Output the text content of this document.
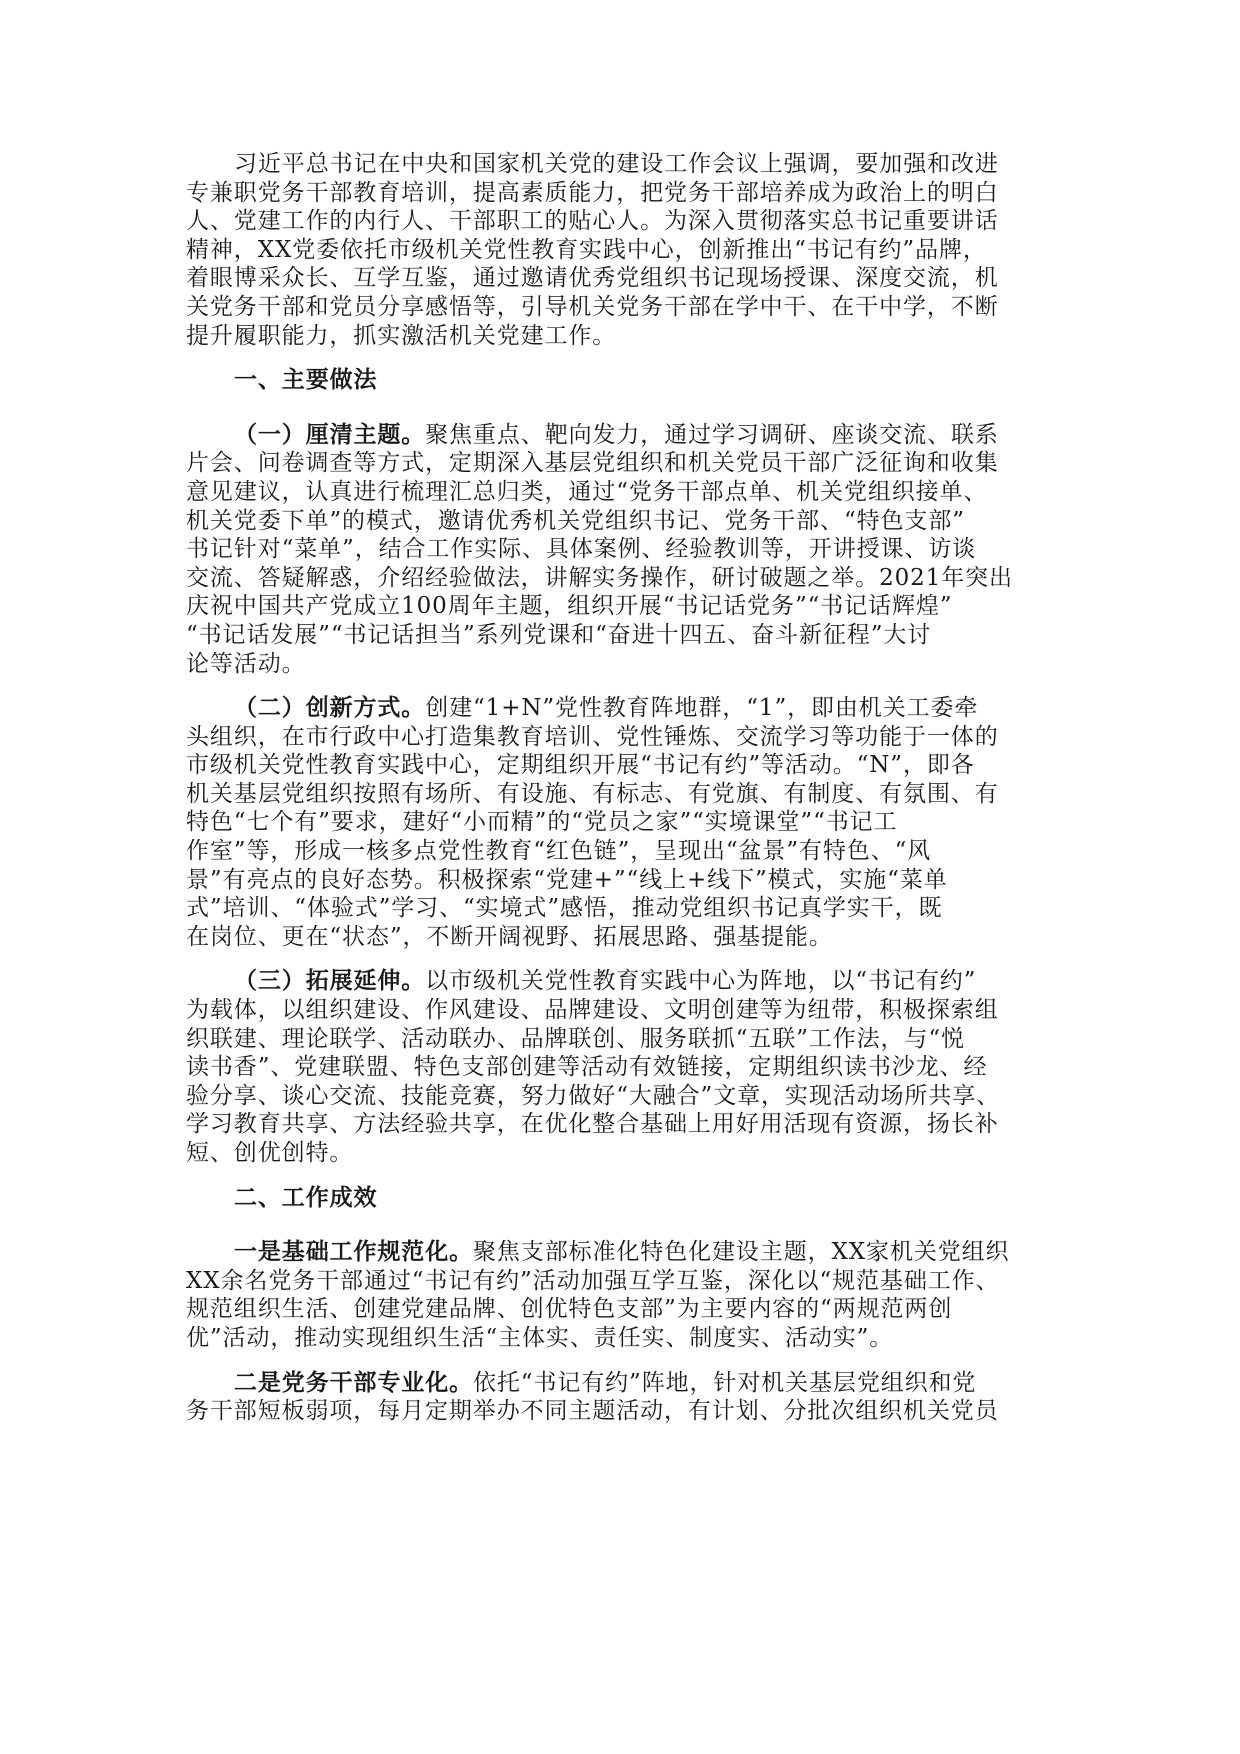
习近平总书记在中央和国家机关党的建设工作会议上强调，要加强和改进
专兼职党务干部教育培训，提高素质能力，把党务干部培养成为政治上的明白
人、党建工作的内行人、干部职工的贴心人。为深入贯彻落实总书记重要讲话
精神，XX党委依托市级机关党性教育实践中心，创新推出“书记有约”品牌，
着眼博采众长、互学互鉴，通过邀请优秀党组织书记现场授课、深度交流，机
关党务干部和党员分享感悟等，引导机关党务干部在学中干、在干中学，不断
提升履职能力，抓实激活机关党建工作。
一、主要做法
（一）厘清主题。聚焦重点、靶向发力，通过学习调研、座谈交流、联系
片会、问卷调查等方式，定期深入基层党组织和机关党员干部广泛征询和收集
意见建议，认真进行梳理汇总归类，通过“党务干部点单、机关党组织接单、
机关党委下单”的模式，邀请优秀机关党组织书记、党务干部、“特色支部”
书记针对“菜单”，结合工作实际、具体案例、经验教训等，开讲授课、访谈
交流、答疑解惑，介绍经验做法，讲解实务操作，研讨破题之举。2021年突出
庆祝中国共产党成立100周年主题，组织开展“书记话党务”“书记话辉煌”
“书记话发展”“书记话担当”系列党课和“奋进十四五、奋斗新征程”大讨
论等活动。
（二）创新方式。创建“1+N”党性教育阵地群，“1”，即由机关工委牵
头组织，在市行政中心打造集教育培训、党性锤炼、交流学习等功能于一体的
市级机关党性教育实践中心，定期组织开展“书记有约”等活动。“N”，即各
机关基层党组织按照有场所、有设施、有标志、有党旗、有制度、有氛围、有
特色“七个有”要求，建好“小而精”的“党员之家”“实境课堂”“书记工
作室”等，形成一核多点党性教育“红色链”，呈现出“盆景”有特色、“风
景”有亮点的良好态势。积极探索“党建+”“线上+线下”模式，实施“菜单
式”培训、“体验式”学习、“实境式”感悟，推动党组织书记真学实干，既
在岗位、更在“状态”，不断开阔视野、拓展思路、强基提能。
（三）拓展延伸。以市级机关党性教育实践中心为阵地，以“书记有约”
为载体，以组织建设、作风建设、品牌建设、文明创建等为纽带，积极探索组
织联建、理论联学、活动联办、品牌联创、服务联抓“五联”工作法，与“悦
读书香”、党建联盟、特色支部创建等活动有效链接，定期组织读书沙龙、经
验分享、谈心交流、技能竞赛，努力做好“大融合”文章，实现活动场所共享、
学习教育共享、方法经验共享，在优化整合基础上用好用活现有资源，扬长补
短、创优创特。
二、工作成效
一是基础工作规范化。聚焦支部标准化特色化建设主题，XX家机关党组织
XX余名党务干部通过“书记有约”活动加强互学互鉴，深化以“规范基础工作、
规范组织生活、创建党建品牌、创优特色支部”为主要内容的“两规范两创
优”活动，推动实现组织生活“主体实、责任实、制度实、活动实”。
二是党务干部专业化。依托“书记有约”阵地，针对机关基层党组织和党
务干部短板弱项，每月定期举办不同主题活动，有计划、分批次组织机关党员
